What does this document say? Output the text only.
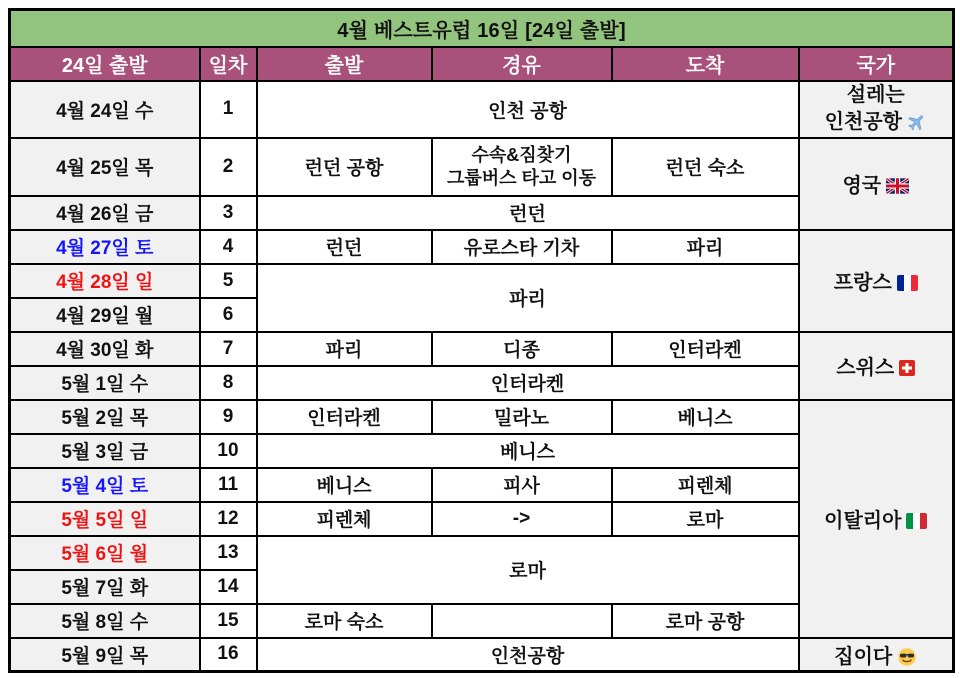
4월 베스트유럽 16일 [24일 출발]					
24일 출발	일차	출발	경유	도착	국가
4월 24일 수	1	인천 공항			설레는
인천공항

4월 25일 목	2	런던 공항	수속&짐찾기
그룹버스 타고 이동	런던 숙소	영국
4월 26일 금	3	런던			
4월 27일 토	4	런던	유로스타 기차	파리	프랑스
4월 28일 일	5	파리			
4월 29일 월	6				
4월 30일 화	7	파리	디종	인터라켄	스위스
5월 1일 수	8	인터라켄			
5월 2일 목	9	인터라켄	밀라노	베니스	이탈리아
5월 3일 금	10	베니스			
5월 4일 토	11	베니스	피사	피렌체	
5월 5일 일	12	피렌체	->	로마	
5월 6일 월	13	로마			
5월 7일 화	14				
5월 8일 수	15	로마 숙소		로마 공항	
5월 9일 목	16	인천공항			집이다
